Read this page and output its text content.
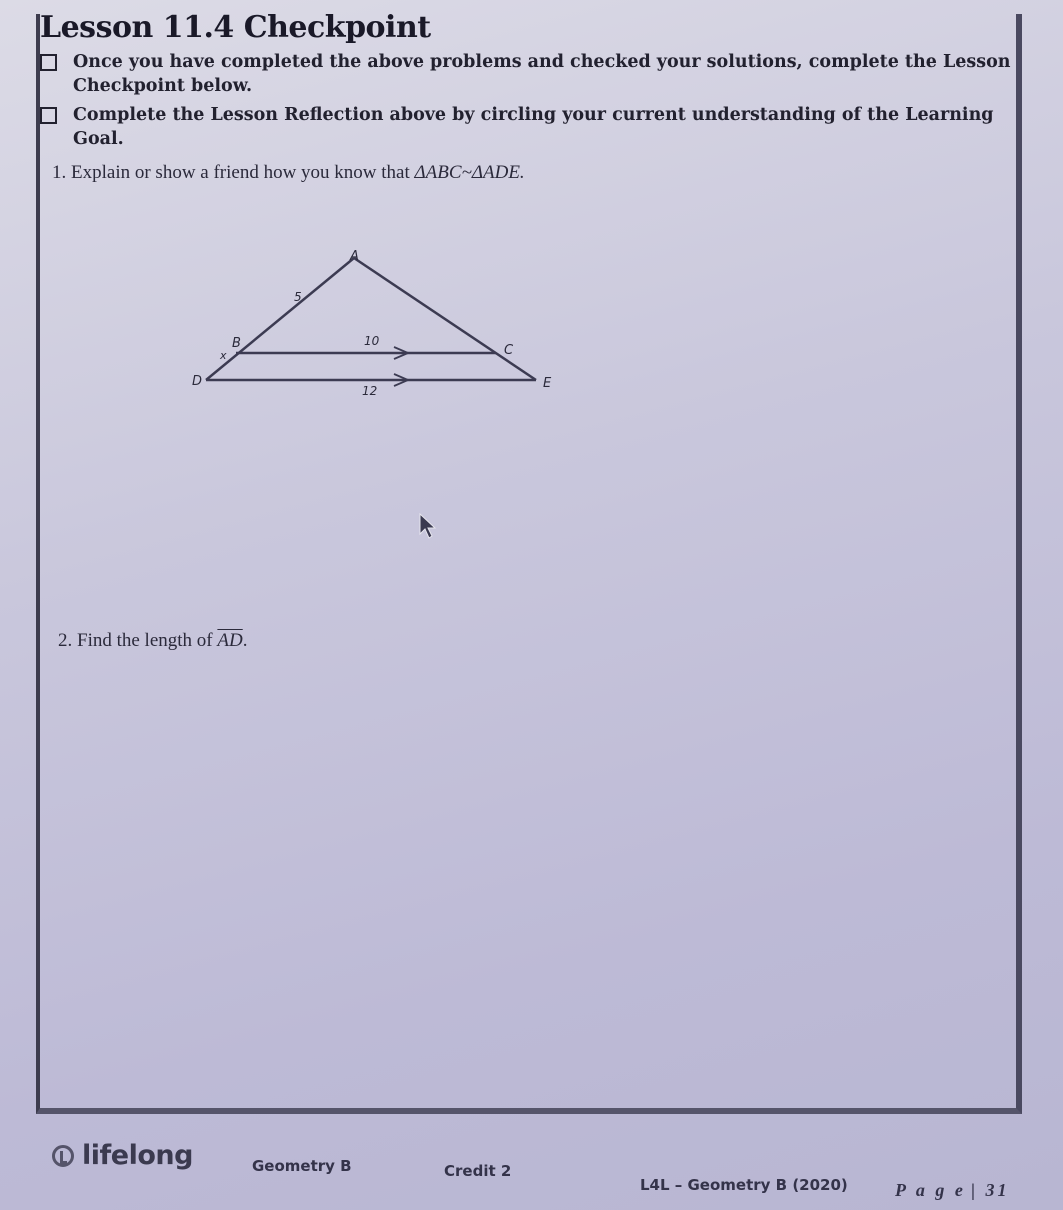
Lesson 11.4 Checkpoint
Once you have completed the above problems and checked your solutions, complete the Lesson Checkpoint below.
Complete the Lesson Reflection above by circling your current understanding of the Learning Goal.
1. Explain or show a friend how you know that ΔABC~ΔADE.
A
B	C
D	E
5
x
10
12
2. Find the length of $\overline{AD}$.
lifelong	Geometry B	Credit 2
L4L – Geometry B (2020)	P a g e | 31
